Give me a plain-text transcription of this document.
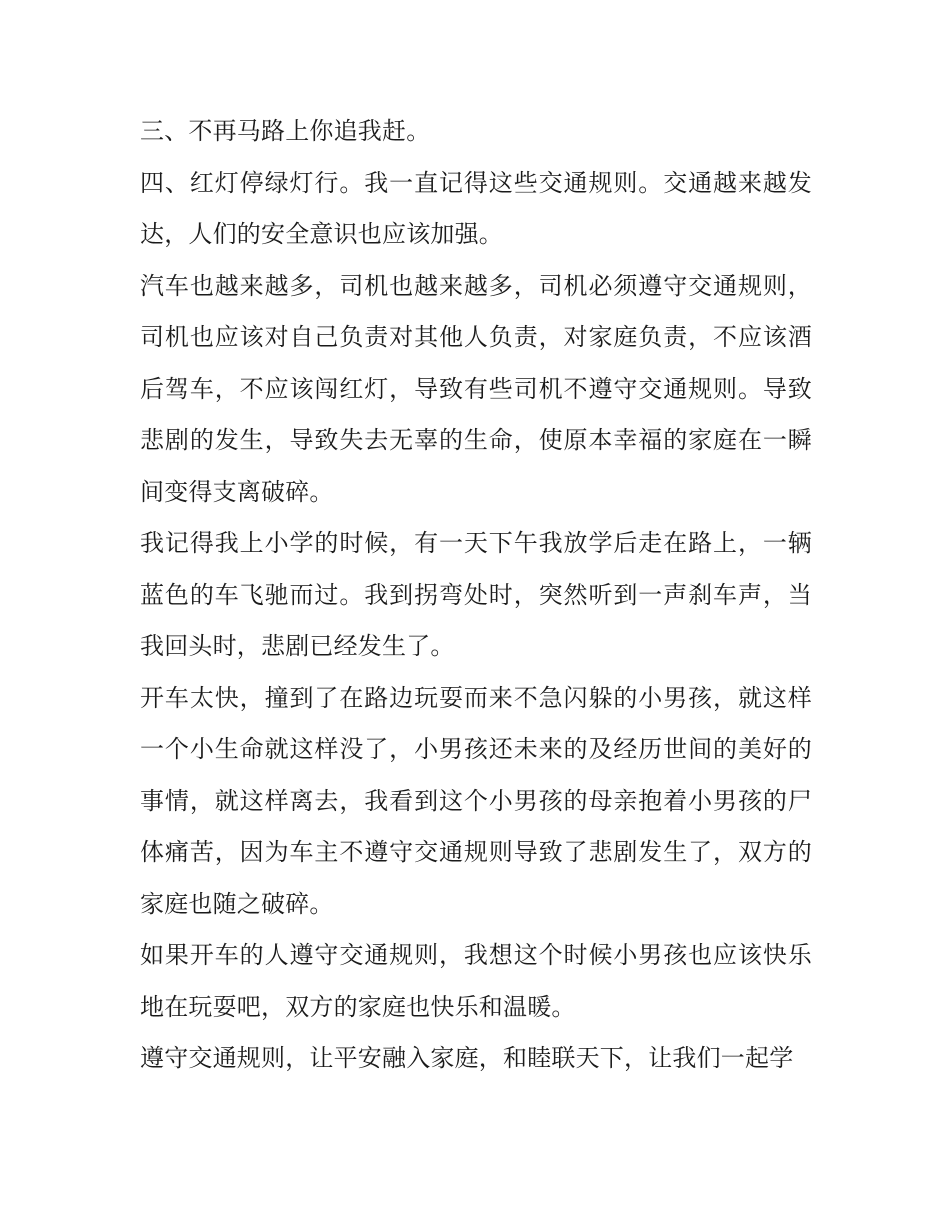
三、不再马路上你追我赶。

四、红灯停绿灯行。我一直记得这些交通规则。交通越来越发达，人们的安全意识也应该加强。

汽车也越来越多，司机也越来越多，司机必须遵守交通规则，司机也应该对自己负责对其他人负责，对家庭负责，不应该酒后驾车，不应该闯红灯，导致有些司机不遵守交通规则。导致悲剧的发生，导致失去无辜的生命，使原本幸福的家庭在一瞬间变得支离破碎。

我记得我上小学的时候，有一天下午我放学后走在路上，一辆蓝色的车飞驰而过。我到拐弯处时，突然听到一声刹车声，当我回头时，悲剧已经发生了。

开车太快，撞到了在路边玩耍而来不急闪躲的小男孩，就这样一个小生命就这样没了，小男孩还未来的及经历世间的美好的事情，就这样离去，我看到这个小男孩的母亲抱着小男孩的尸体痛苦，因为车主不遵守交通规则导致了悲剧发生了，双方的家庭也随之破碎。

如果开车的人遵守交通规则，我想这个时候小男孩也应该快乐地在玩耍吧，双方的家庭也快乐和温暖。

遵守交通规则，让平安融入家庭，和睦联天下，让我们一起学
